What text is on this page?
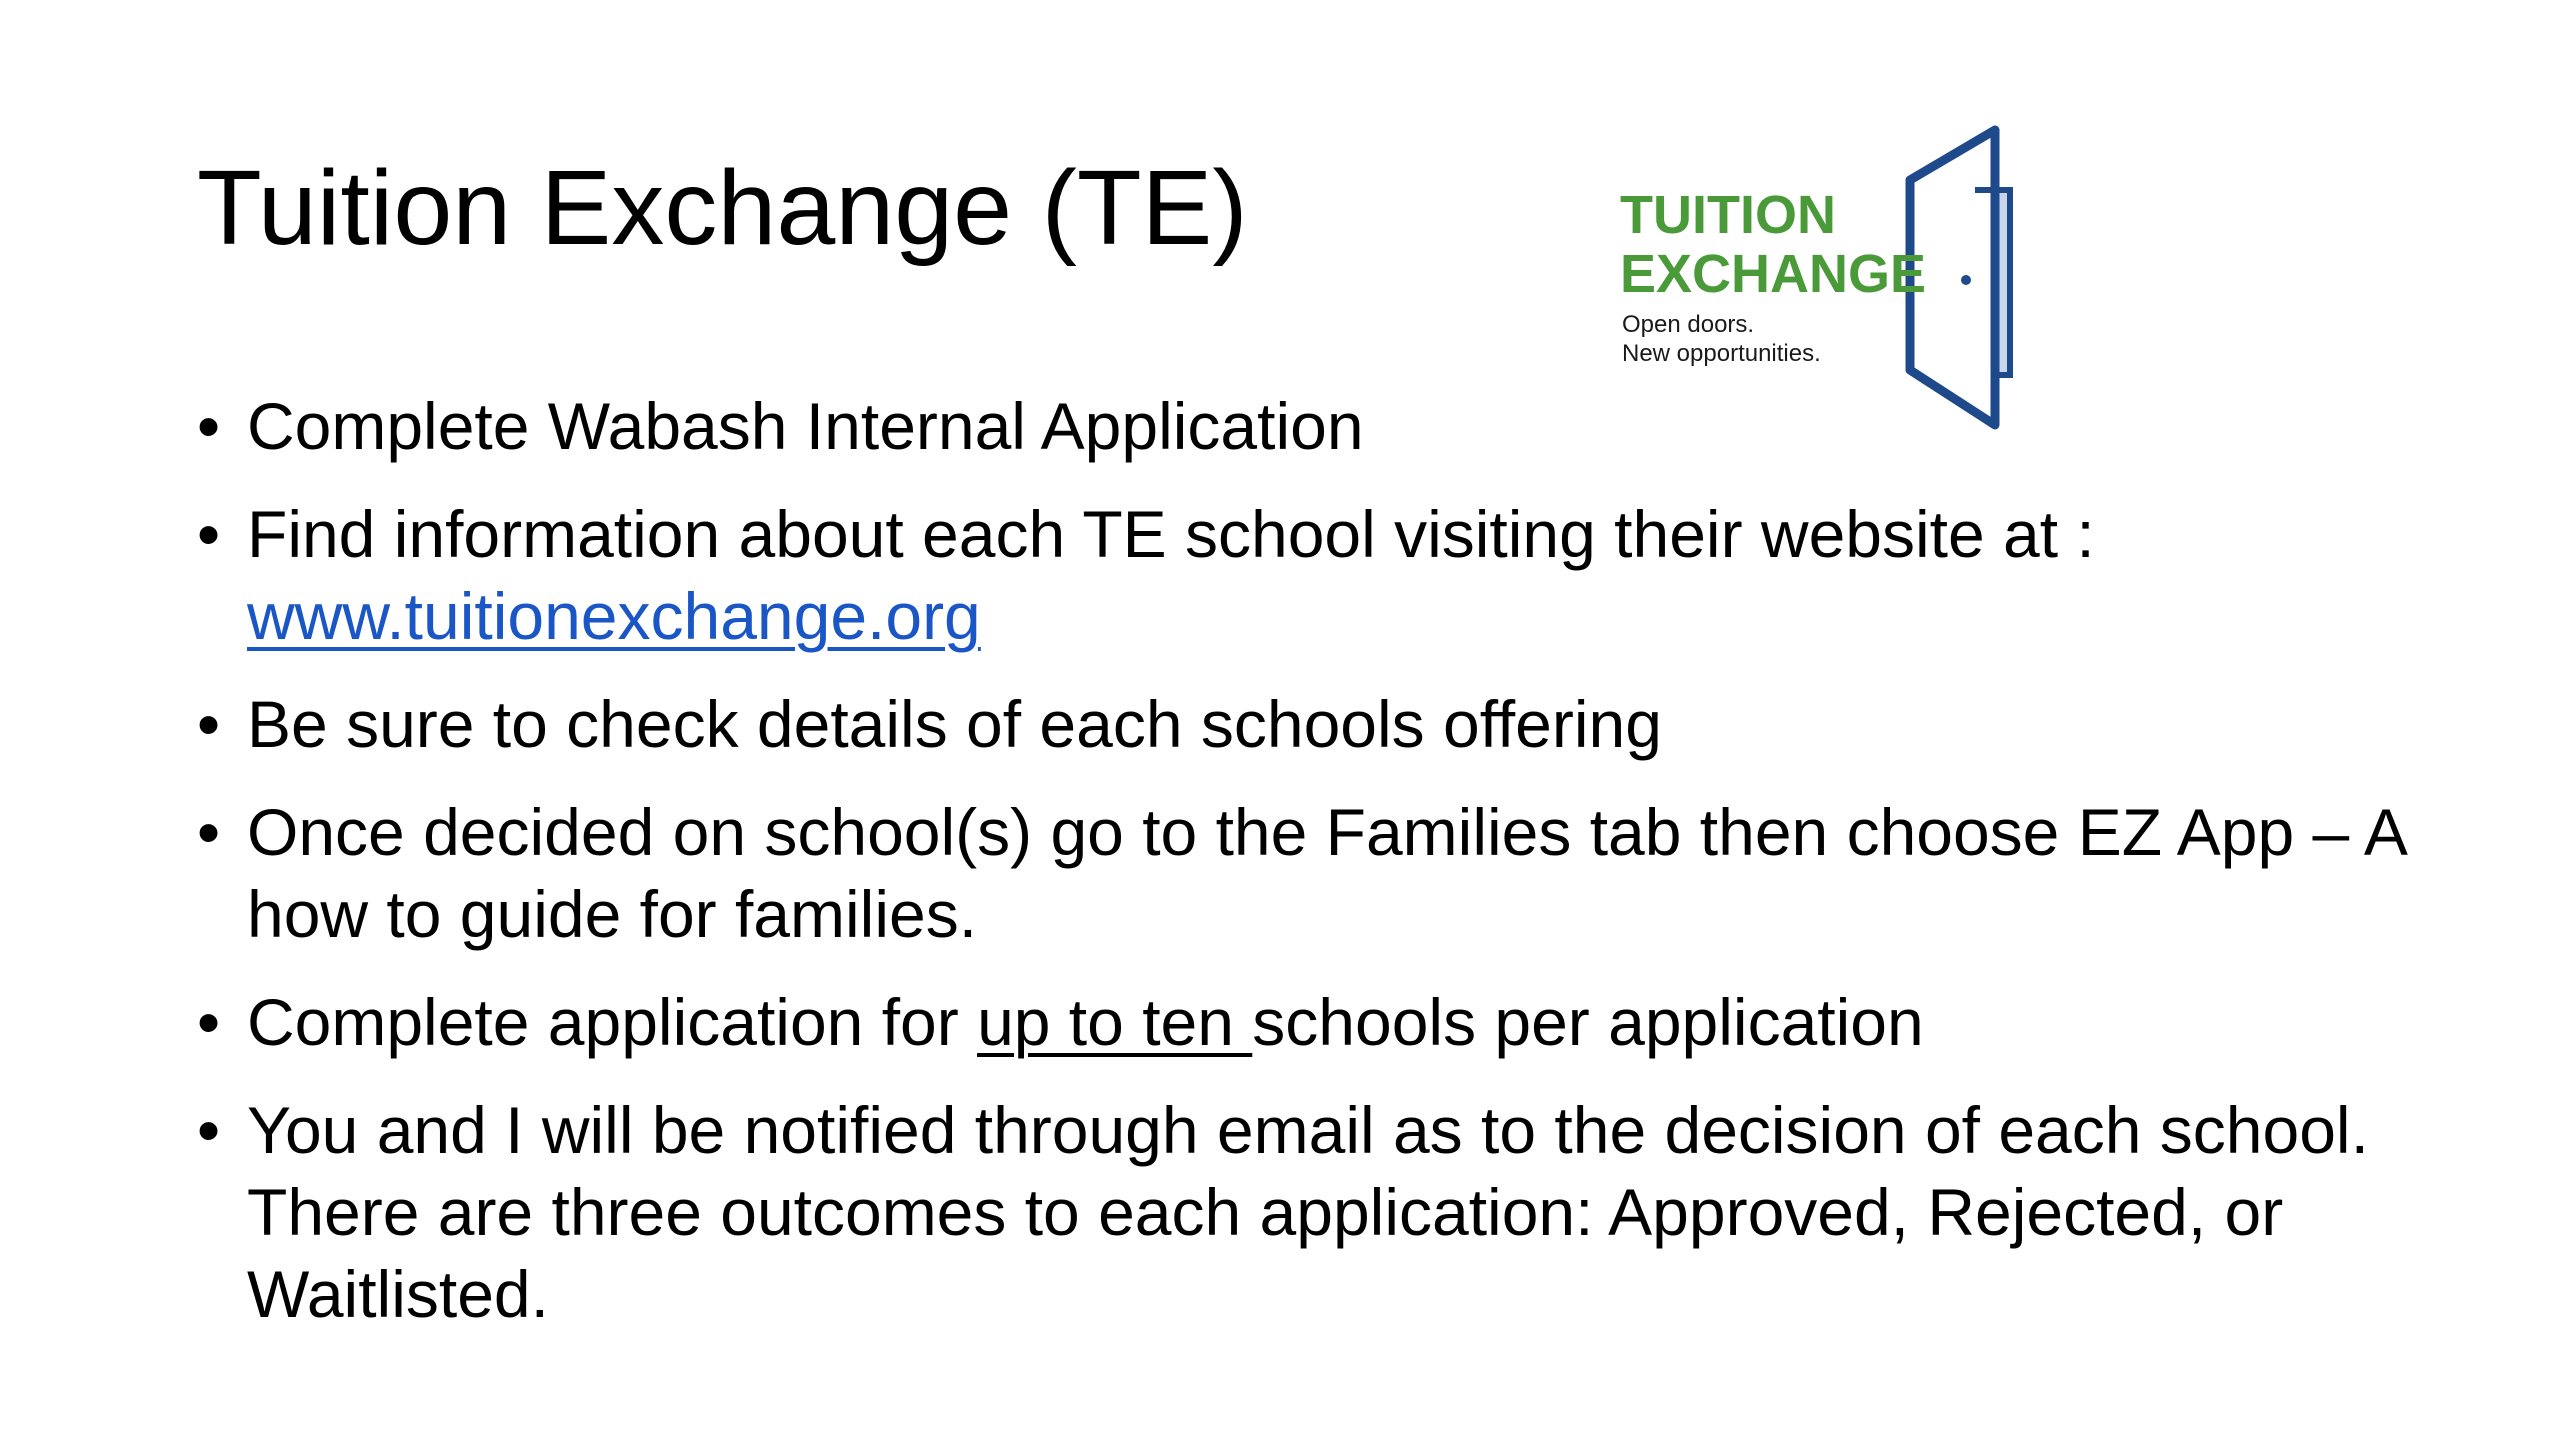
Tuition Exchange (TE)	TUITION
EXCHANGE
Open doors.
New opportunities.
• Complete Wabash Internal Application
• Find information about each TE school visiting their website at :
www.tuitionexchange.org
• Be sure to check details of each schools offering
• Once decided on school(s) go to the Families tab then choose EZ App – A how to guide for families.
• Complete application for up to ten schools per application
• You and I will be notified through email as to the decision of each school. There are three outcomes to each application: Approved, Rejected, or Waitlisted.
